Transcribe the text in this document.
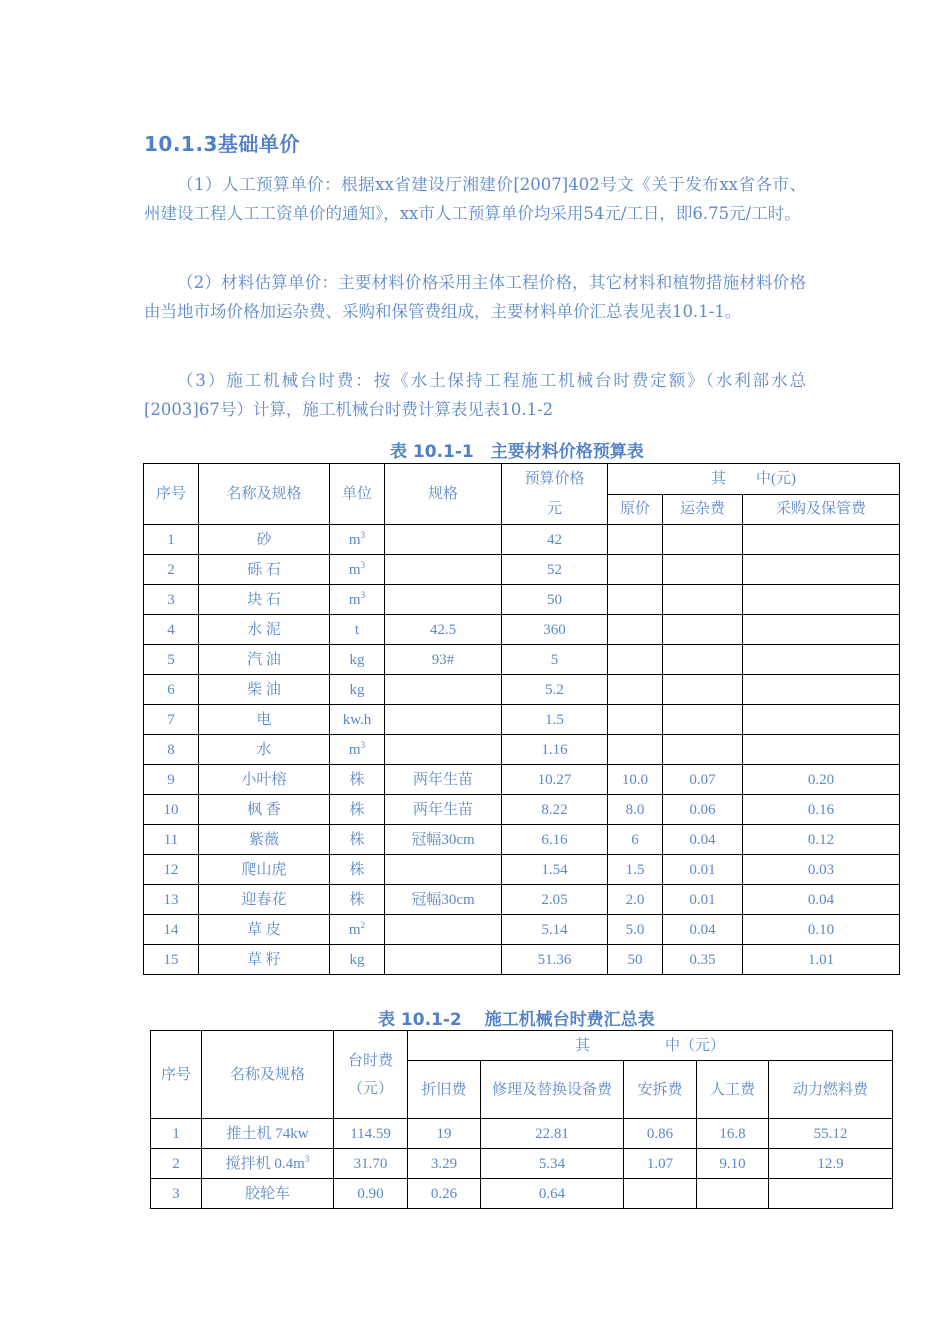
10.1.3基础单价

（1）人工预算单价：根据xx省建设厅湘建价[2007]402号文《关于发布xx省各市、州建设工程人工工资单价的通知》，xx市人工预算单价均采用54元/工日，即6.75元/工时。

（2）材料估算单价：主要材料价格采用主体工程价格，其它材料和植物措施材料价格由当地市场价格加运杂费、采购和保管费组成，主要材料单价汇总表见表10.1-1。

（3）施工机械台时费：按《水土保持工程施工机械台时费定额》（水利部水总[2003]67号）计算，施工机械台时费计算表见表10.1-2

表 10.1-1　主要材料价格预算表
序号	名称及规格	单位	规格	预算价格
元	其　　中(元)		
					原价	运杂费	采购及保管费
1	砂	$m^3$		42			
2	砾 石	$m^3$		52			
3	块 石	$m^3$		50			
4	水 泥	t	42.5	360			
5	汽 油	kg	93#	5			
6	柴 油	kg		5.2			
7	电	kw.h		1.5			
8	水	$m^3$		1.16			
9	小叶榕	株	两年生苗	10.27	10.0	0.07	0.20
10	枫 香	株	两年生苗	8.22	8.0	0.06	0.16
11	紫薇	株	冠幅30cm	6.16	6	0.04	0.12
12	爬山虎	株		1.54	1.5	0.01	0.03
13	迎春花	株	冠幅30cm	2.05	2.0	0.01	0.04
14	草 皮	$m^2$		5.14	5.0	0.04	0.10
15	草 籽	kg		51.36	50	0.35	1.01
表 10.1-2　 施工机械台时费汇总表
序号	名称及规格	台时费
（元）	其　　　　　中（元）				
			折旧费	修理及替换设备费	安拆费	人工费	动力燃料费
1	推土机 74kw	114.59	19	22.81	0.86	16.8	55.12
2	搅拌机 $0.4m^3$	31.70	3.29	5.34	1.07	9.10	12.9
3	胶轮车	0.90	0.26	0.64			
